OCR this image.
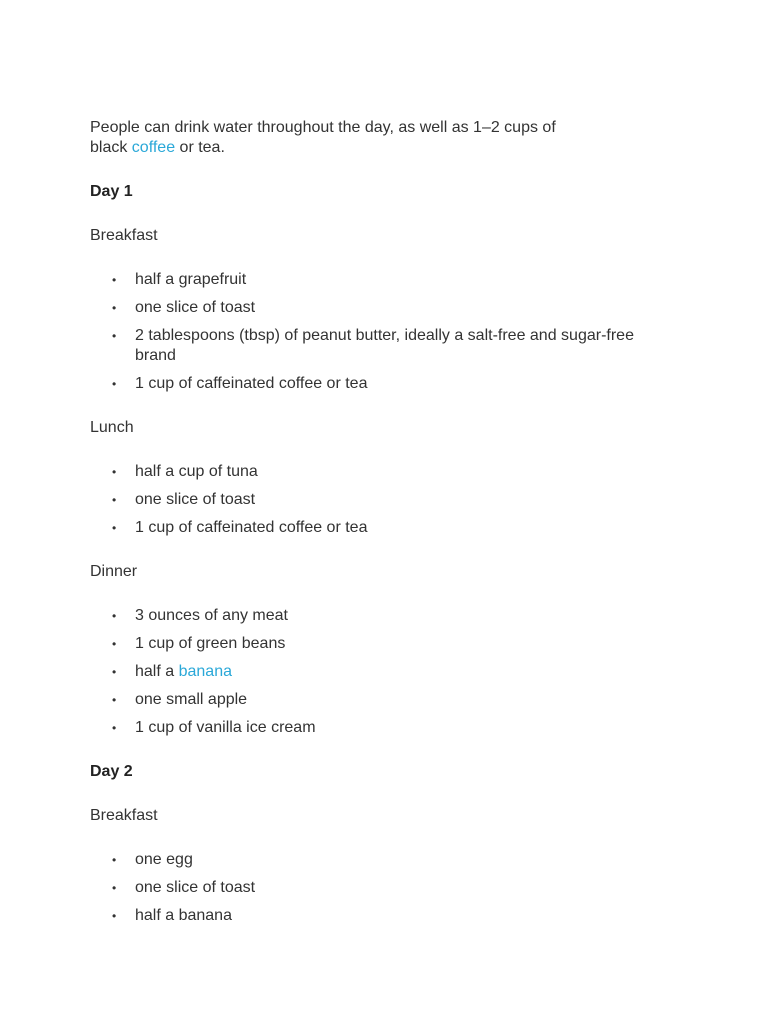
People can drink water throughout the day, as well as 1–2 cups of black coffee or tea.

Day 1

Breakfast

• half a grapefruit
• one slice of toast
• 2 tablespoons (tbsp) of peanut butter, ideally a salt-free and sugar-free brand
• 1 cup of caffeinated coffee or tea

Lunch

• half a cup of tuna
• one slice of toast
• 1 cup of caffeinated coffee or tea

Dinner

• 3 ounces of any meat
• 1 cup of green beans
• half a banana
• one small apple
• 1 cup of vanilla ice cream
Day 2

Breakfast

• one egg
• one slice of toast
• half a banana
